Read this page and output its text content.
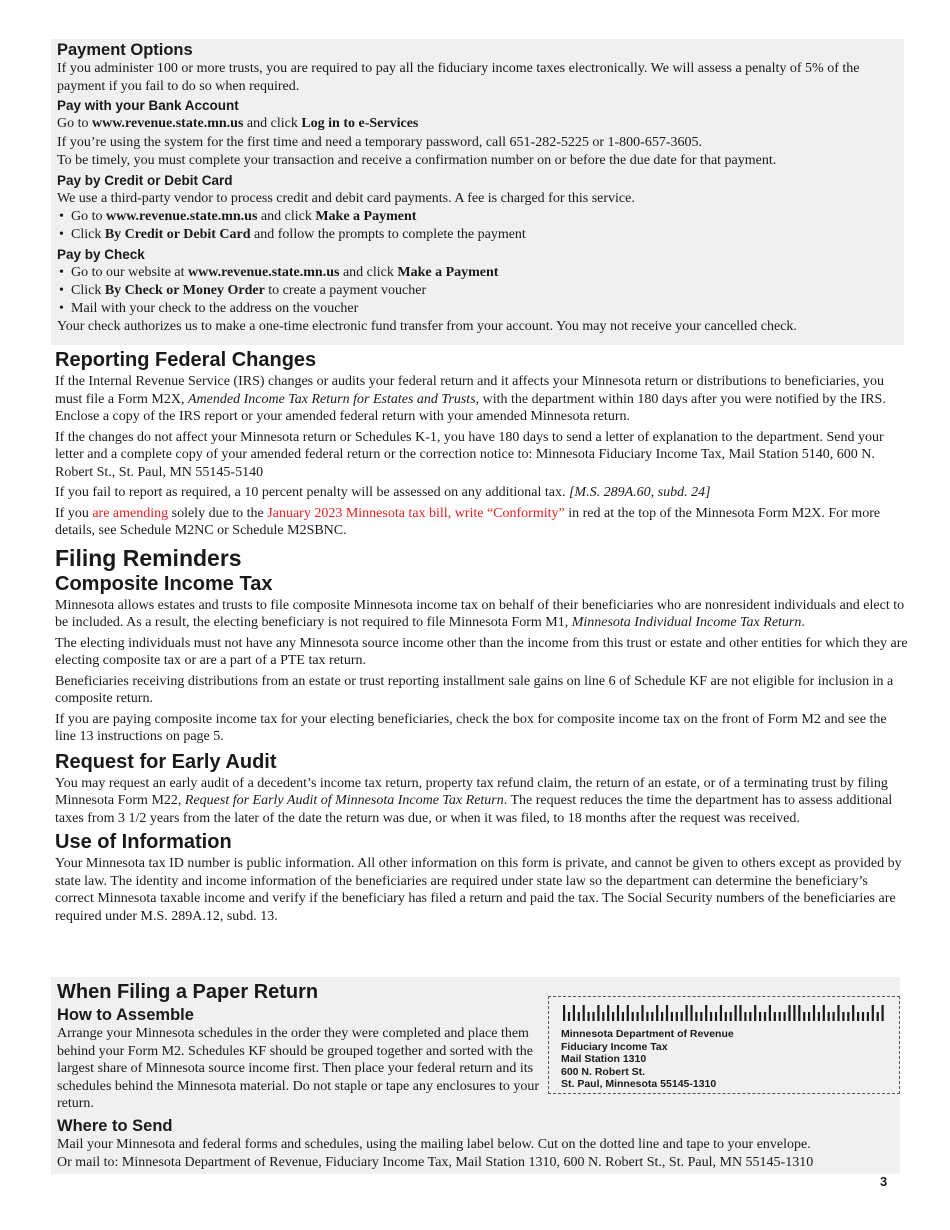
Payment Options

If you administer 100 or more trusts, you are required to pay all the fiduciary income taxes electronically. We will assess a penalty of 5% of the payment if you fail to do so when required.

Pay with your Bank Account

Go to www.revenue.state.mn.us and click Log in to e-Services

If you’re using the system for the first time and need a temporary password, call 651-282-5225 or 1-800-657-3605.

To be timely, you must complete your transaction and receive a confirmation number on or before the due date for that payment.

Pay by Credit or Debit Card

We use a third-party vendor to process credit and debit card payments. A fee is charged for this service.

• Go to www.revenue.state.mn.us and click Make a Payment
• Click By Credit or Debit Card and follow the prompts to complete the payment
Pay by Check
• Go to our website at www.revenue.state.mn.us and click Make a Payment
• Click By Check or Money Order to create a payment voucher
• Mail with your check to the address on the voucher

Your check authorizes us to make a one-time electronic fund transfer from your account. You may not receive your cancelled check.

Reporting Federal Changes

If the Internal Revenue Service (IRS) changes or audits your federal return and it affects your Minnesota return or distributions to beneficiaries, you must file a Form M2X, Amended Income Tax Return for Estates and Trusts, with the department within 180 days after you were notified by the IRS. Enclose a copy of the IRS report or your amended federal return with your amended Minnesota return.

If the changes do not affect your Minnesota return or Schedules K-1, you have 180 days to send a letter of explanation to the department. Send your letter and a complete copy of your amended federal return or the correction notice to: Minnesota Fiduciary Income Tax, Mail Station 5140, 600 N. Robert St., St. Paul, MN 55145-5140

If you fail to report as required, a 10 percent penalty will be assessed on any additional tax. [M.S. 289A.60, subd. 24]

If you are amending solely due to the January 2023 Minnesota tax bill, write “Conformity” in red at the top of the Minnesota Form M2X. For more details, see Schedule M2NC or Schedule M2SBNC.

Filing Reminders
Composite Income Tax

Minnesota allows estates and trusts to file composite Minnesota income tax on behalf of their beneficiaries who are nonresident individuals and elect to be included. As a result, the electing beneficiary is not required to file Minnesota Form M1, Minnesota Individual Income Tax Return.

The electing individuals must not have any Minnesota source income other than the income from this trust or estate and other entities for which they are electing composite tax or are a part of a PTE tax return.

Beneficiaries receiving distributions from an estate or trust reporting installment sale gains on line 6 of Schedule KF are not eligible for inclusion in a composite return.

If you are paying composite income tax for your electing beneficiaries, check the box for composite income tax on the front of Form M2 and see the line 13 instructions on page 5.

Request for Early Audit

You may request an early audit of a decedent’s income tax return, property tax refund claim, the return of an estate, or of a terminating trust by filing Minnesota Form M22, Request for Early Audit of Minnesota Income Tax Return. The request reduces the time the department has to assess additional taxes from 3 1/2 years from the later of the date the return was due, or when it was filed, to 18 months after the request was received.

Use of Information

Your Minnesota tax ID number is public information. All other information on this form is private, and cannot be given to others except as provided by state law. The identity and income information of the beneficiaries are required under state law so the department can determine the beneficiary’s correct Minnesota taxable income and verify if the beneficiary has filed a return and paid the tax. The Social Security numbers of the beneficiaries are required under M.S. 289A.12, subd. 13.

When Filing a Paper Return
How to Assemble

Arrange your Minnesota schedules in the order they were completed and place them behind your Form M2. Schedules KF should be grouped together and sorted with the largest share of Minnesota source income first. Then place your federal return and its schedules behind the Minnesota material. Do not staple or tape any enclosures to your return.

Where to Send

Mail your Minnesota and federal forms and schedules, using the mailing label below. Cut on the dotted line and tape to your envelope.

Or mail to: Minnesota Department of Revenue, Fiduciary Income Tax, Mail Station 1310, 600 N. Robert St., St. Paul, MN 55145-1310

Minnesota Department of Revenue
Fiduciary Income Tax
Mail Station 1310
600 N. Robert St.
St. Paul, Minnesota 55145-1310
3
